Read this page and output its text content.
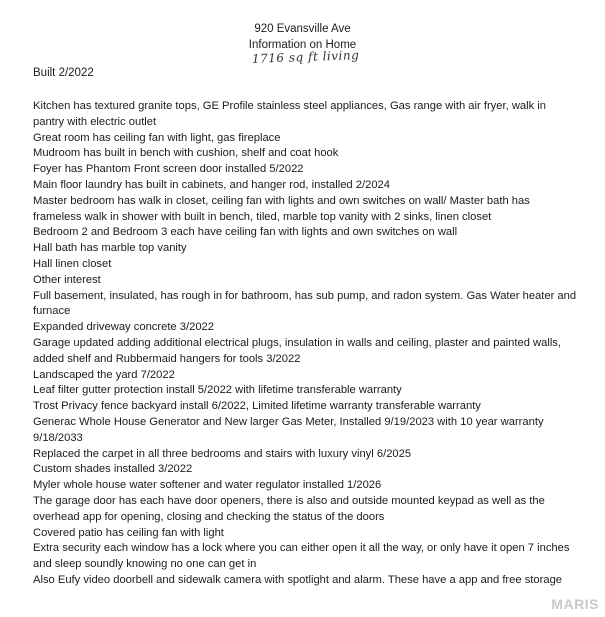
920 Evansville Ave
Information on Home
1716 sq ft living
Built 2/2022

Kitchen has textured granite tops, GE Profile stainless steel appliances, Gas range with air fryer, walk in pantry with electric outlet

Great room has ceiling fan with light, gas fireplace

Mudroom has built in bench with cushion, shelf and coat hook

Foyer has Phantom Front screen door installed 5/2022

Main floor laundry has built in cabinets, and hanger rod, installed 2/2024

Master bedroom has walk in closet, ceiling fan with lights and own switches on wall/ Master bath has frameless walk in shower with built in bench, tiled, marble top vanity with 2 sinks, linen closet

Bedroom 2 and Bedroom 3 each have ceiling fan with lights and own switches on wall

Hall bath has marble top vanity

Hall linen closet

Other interest

Full basement, insulated, has rough in for bathroom, has sub pump, and radon system. Gas Water heater and furnace

Expanded driveway concrete 3/2022

Garage updated adding additional electrical plugs, insulation in walls and ceiling, plaster and painted walls, added shelf and Rubbermaid hangers for tools 3/2022

Landscaped the yard 7/2022

Leaf filter gutter protection install 5/2022 with lifetime transferable warranty

Trost Privacy fence backyard install 6/2022, Limited lifetime warranty transferable warranty

Generac Whole House Generator and New larger Gas Meter, Installed 9/19/2023 with 10 year warranty 9/18/2033

Replaced the carpet in all three bedrooms and stairs with luxury vinyl 6/2025

Custom shades installed 3/2022

Myler whole house water softener and water regulator installed 1/2026

The garage door has each have door openers, there is also and outside mounted keypad as well as the overhead app for opening, closing and checking the status of the doors

Covered patio has ceiling fan with light

Extra security each window has a lock where you can either open it all the way, or only have it open 7 inches and sleep soundly knowing no one can get in

Also Eufy video doorbell and sidewalk camera with spotlight and alarm. These have a app and free storage

MARIS
